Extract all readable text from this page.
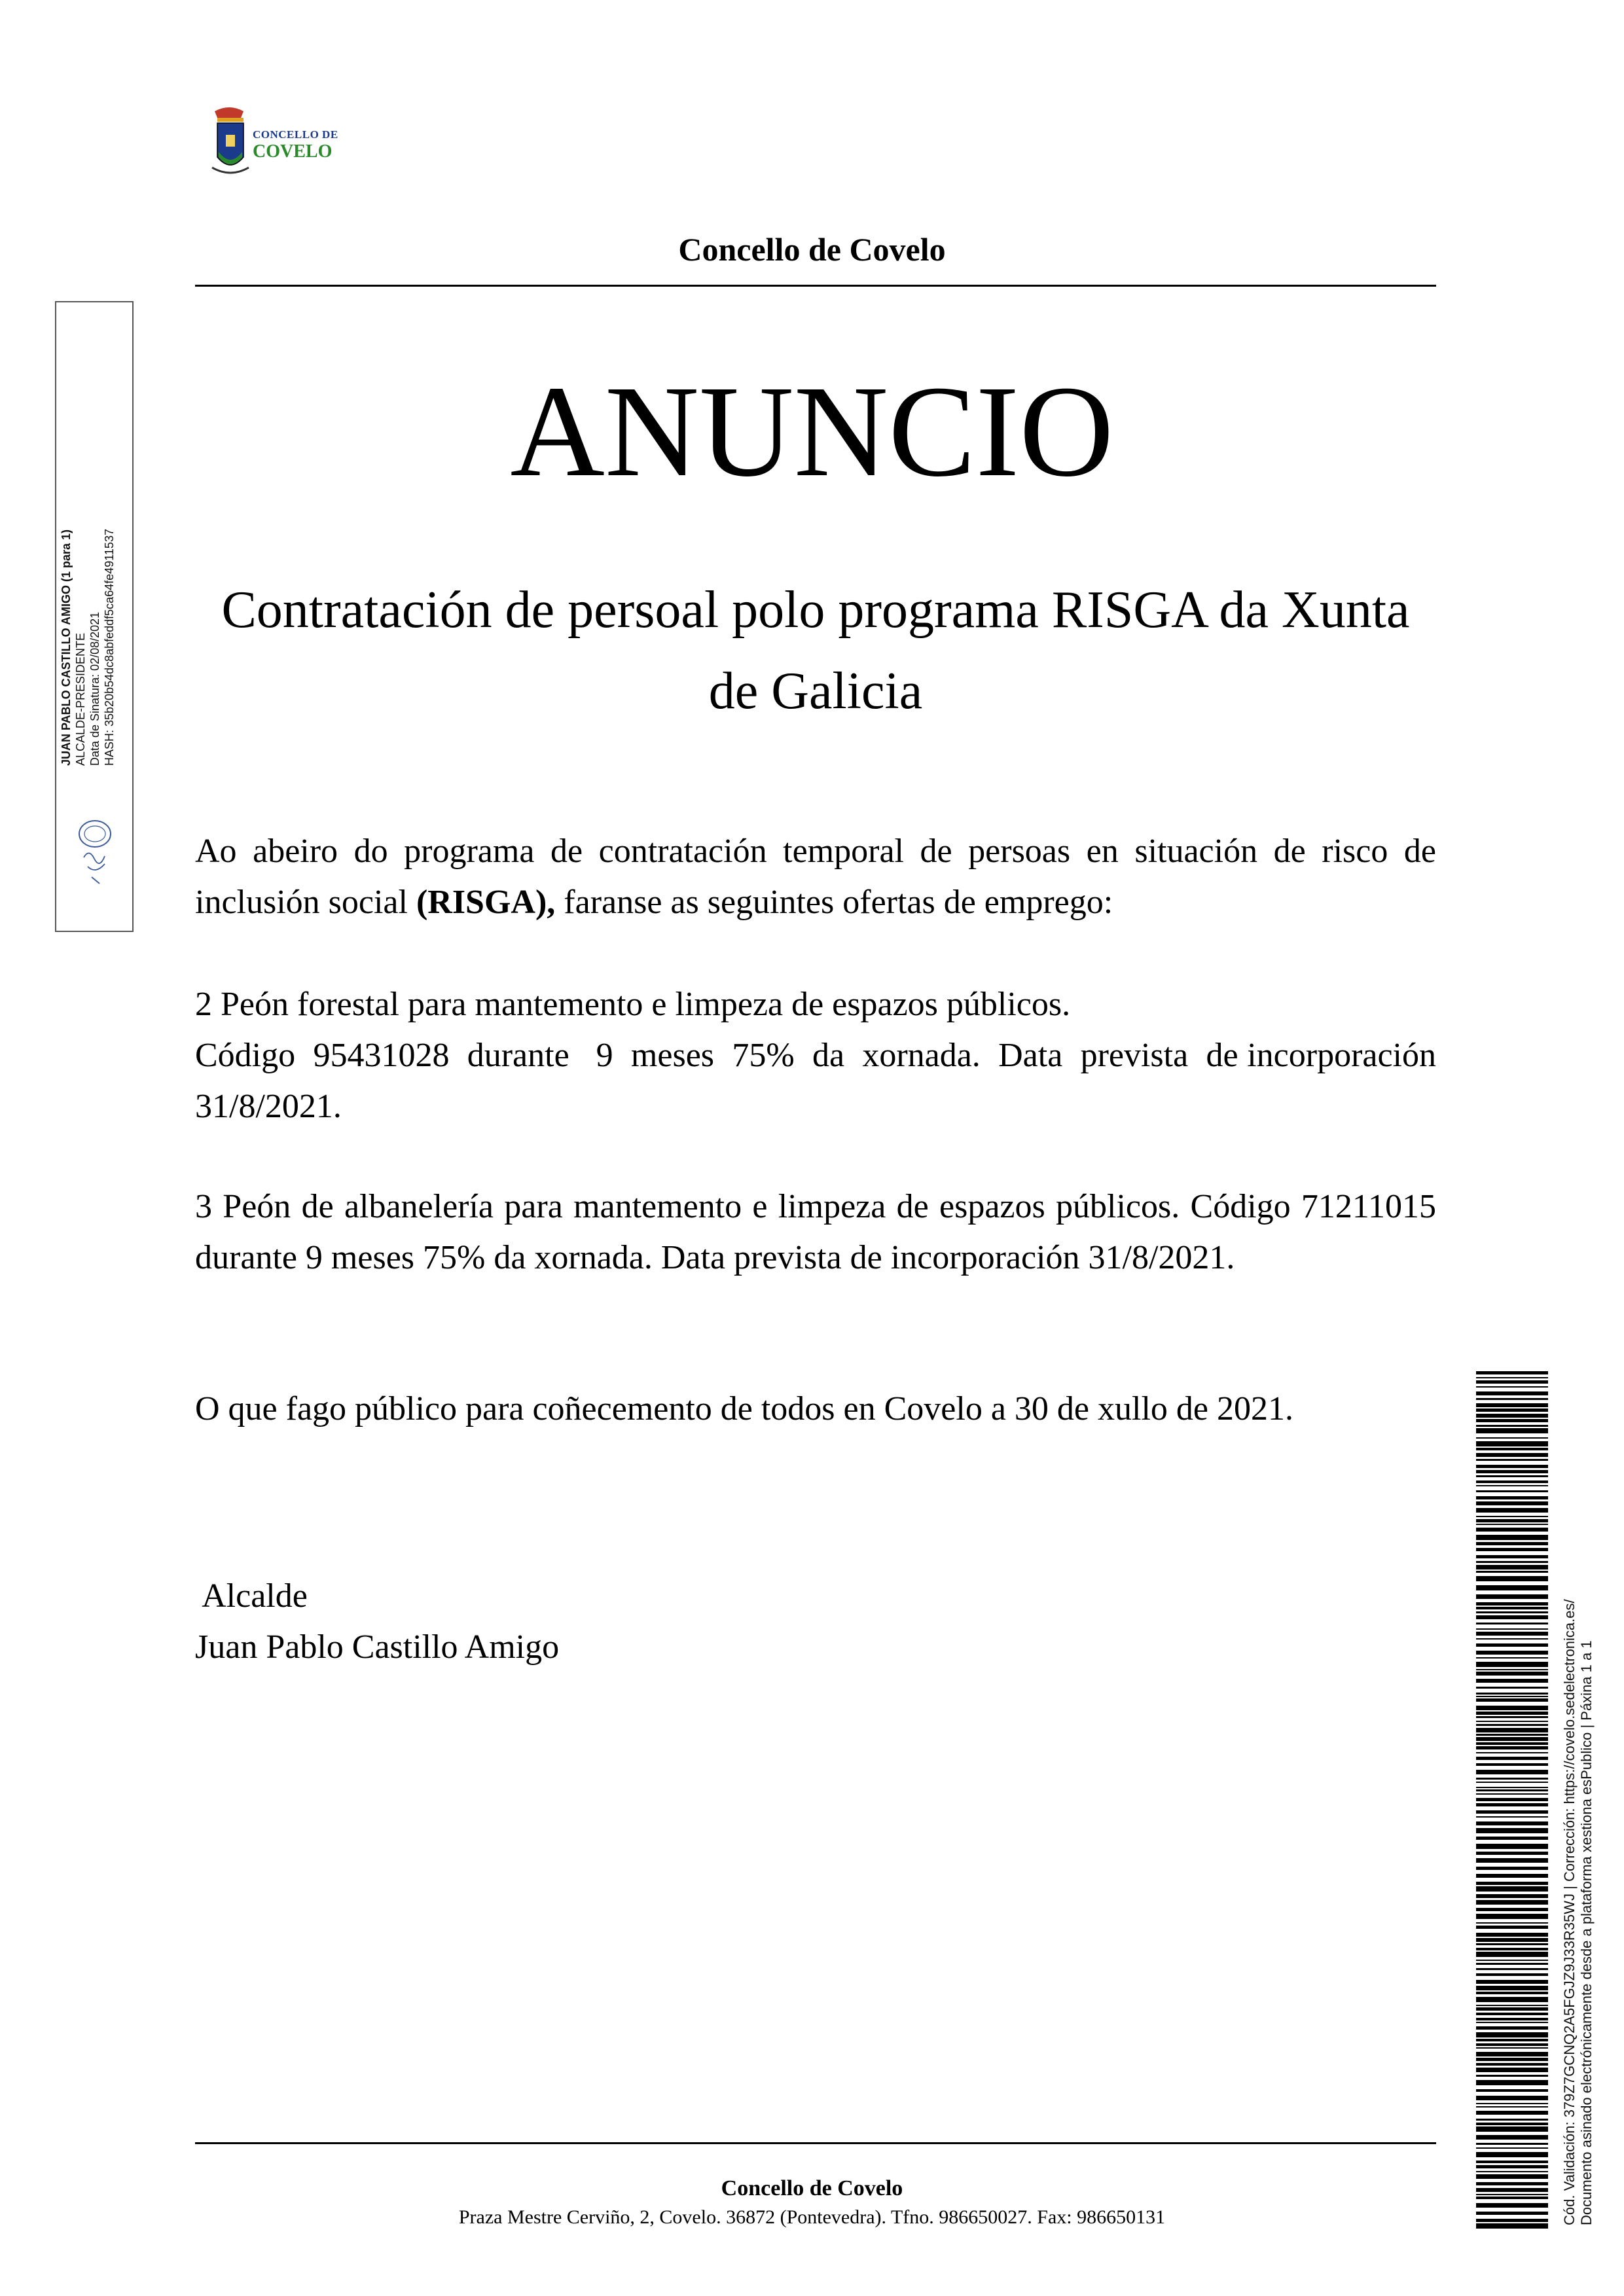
CONCELLO DE
COVELO
Concello de Covelo
ANUNCIO
Contratación de persoal polo programa RISGA da Xunta de Galicia
Ao abeiro do programa de contratación temporal de persoas en situación de risco de inclusión social (RISGA), faranse as seguintes ofertas de emprego:
2 Peón forestal para mantemento e limpeza de espazos públicos.
Código  95431028  durante   9  meses  75%  da  xornada.  Data  prevista  de incorporación 31/8/2021.
3 Peón de albanelería para mantemento e limpeza de espazos públicos. Código 71211015 durante 9 meses 75% da xornada. Data prevista de incorporación 31/8/2021.
O que fago público para coñecemento de todos en Covelo a 30 de xullo de 2021.
Alcalde
Juan Pablo Castillo Amigo
Concello de Covelo
Praza Mestre Cerviño, 2, Covelo. 36872 (Pontevedra). Tfno. 986650027. Fax: 986650131
JUAN PABLO CASTILLO AMIGO (1 para 1) ALCALDE-PRESIDENTE Data de Sinatura: 02/08/2021 HASH: 35b20b54dc8abfeddf5ca64fe4911537
Cód. Validación: 379Z7GCNQ2A5FGJZ9J33R35WJ | Corrección: https://covelo.sedelectronica.es/ Documento asinado electrónicamente desde a plataforma xestiona esPublico | Páxina 1 a 1
